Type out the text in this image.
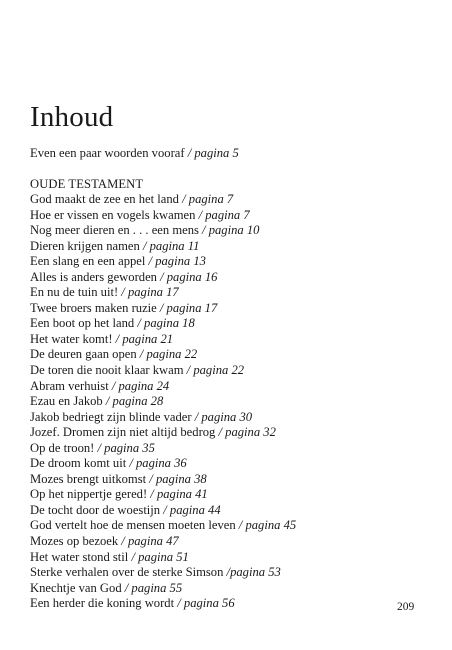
Inhoud
Even een paar woorden vooraf / pagina 5
OUDE TESTAMENT
God maakt de zee en het land / pagina 7
Hoe er vissen en vogels kwamen / pagina 7
Nog meer dieren en . . . een mens / pagina 10
Dieren krijgen namen / pagina 11
Een slang en een appel / pagina 13
Alles is anders geworden / pagina 16
En nu de tuin uit! / pagina 17
Twee broers maken ruzie / pagina 17
Een boot op het land / pagina 18
Het water komt! / pagina 21
De deuren gaan open / pagina 22
De toren die nooit klaar kwam / pagina 22
Abram verhuist / pagina 24
Ezau en Jakob / pagina 28
Jakob bedriegt zijn blinde vader / pagina 30
Jozef. Dromen zijn niet altijd bedrog / pagina 32
Op de troon! / pagina 35
De droom komt uit / pagina 36
Mozes brengt uitkomst / pagina 38
Op het nippertje gered! / pagina 41
De tocht door de woestijn / pagina 44
God vertelt hoe de mensen moeten leven / pagina 45
Mozes op bezoek / pagina 47
Het water stond stil / pagina 51
Sterke verhalen over de sterke Simson /pagina 53
Knechtje van God / pagina 55
Een herder die koning wordt / pagina 56	209
